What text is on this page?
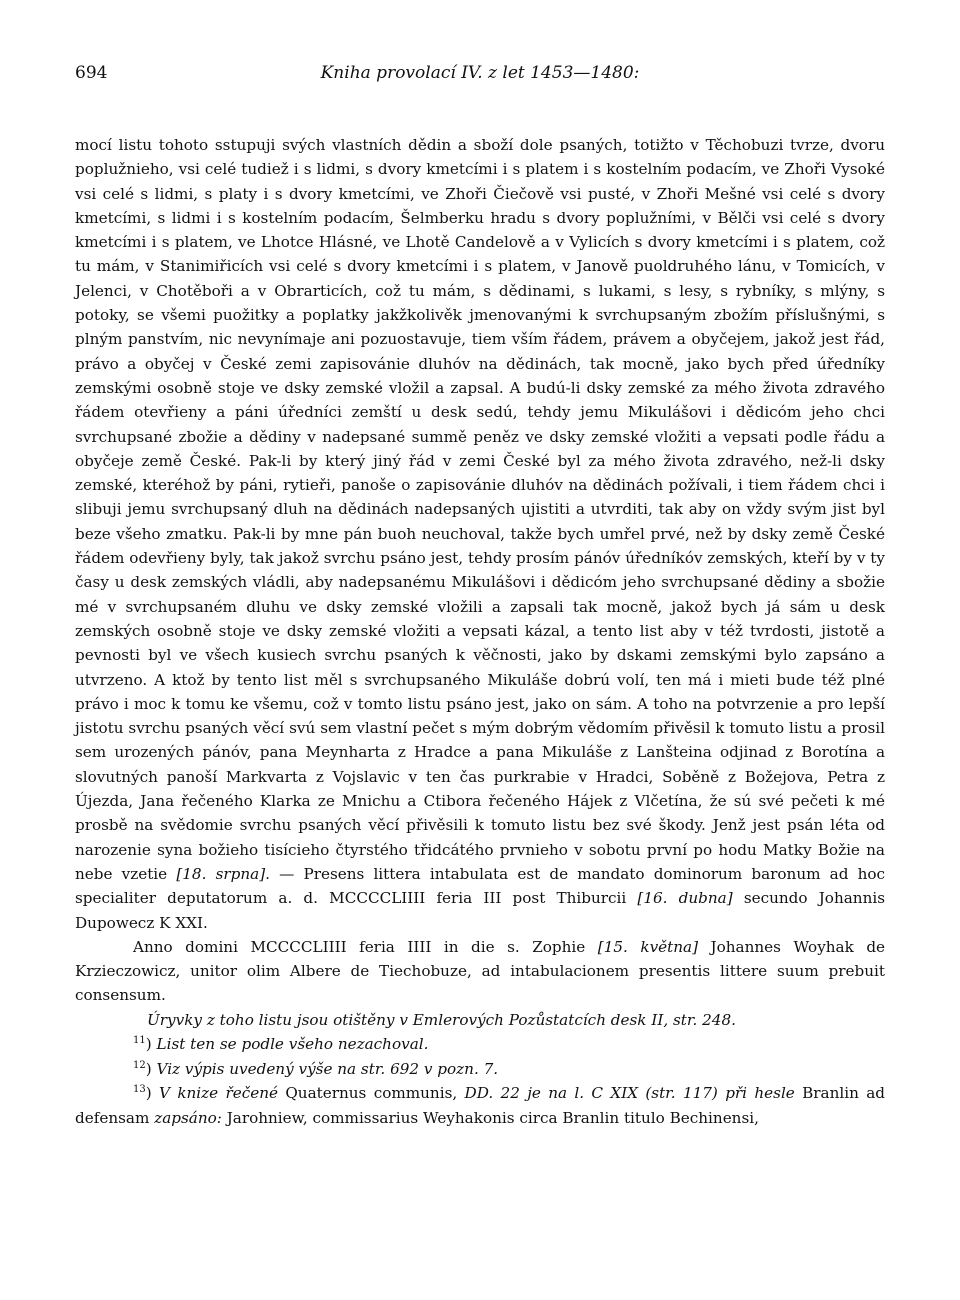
694	Kniha provolací IV. z let 1453—1480:

mocí listu tohoto sstupuji svých vlastních dědin a sboží dole psaných, totižto v Těchobuzi tvrze, dvoru poplužnieho, vsi celé tudiež i s lidmi, s dvory kmetcími i s platem i s kostelním podacím, ve Zhoři Vysoké vsi celé s lidmi, s platy i s dvory kmetcími, ve Zhoři Čiečově vsi pusté, v Zhoři Mešné vsi celé s dvory kmetcími, s lidmi i s kostelním podacím, Šelmberku hradu s dvory poplužními, v Bělči vsi celé s dvory kmetcími i s platem, ve Lhotce Hlásné, ve Lhotě Candelově a v Vylicích s dvory kmetcími i s platem, což tu mám, v Stanimiřicích vsi celé s dvory kmetcími i s platem, v Janově puoldruhého lánu, v Tomicích, v Jelenci, v Chotěboři a v Obrarticích, což tu mám, s dědinami, s lukami, s lesy, s rybníky, s mlýny, s potoky, se všemi puožitky a poplatky jakžkolivěk jmenovanými k svrchupsaným zbožím příslušnými, s plným panstvím, nic nevynímaje ani pozuostavuje, tiem vším řádem, právem a obyčejem, jakož jest řád, právo a obyčej v České zemi zapisovánie dluhóv na dědinách, tak mocně, jako bych před úředníky zemskými osobně stoje ve dsky zemské vložil a zapsal. A budú-li dsky zemské za mého života zdravého řádem otevřieny a páni úředníci zemští u desk sedú, tehdy jemu Mikulášovi i dědicóm jeho chci svrchupsané zbožie a dědiny v nadepsané summě peněz ve dsky zemské vložiti a vepsati podle řádu a obyčeje země České. Pak-li by který jiný řád v zemi České byl za mého života zdravého, než-li dsky zemské, kteréhož by páni, rytieři, panoše o zapisovánie dluhóv na dědinách požívali, i tiem řádem chci i slibuji jemu svrchupsaný dluh na dědinách nadepsaných ujistiti a utvrditi, tak aby on vždy svým jist byl beze všeho zmatku. Pak-li by mne pán buoh neuchoval, takže bych umřel prvé, než by dsky země České řádem odevřieny byly, tak jakož svrchu psáno jest, tehdy prosím pánóv úředníkóv zemských, kteří by v ty časy u desk zemských vládli, aby nadepsanému Mikulášovi i dědicóm jeho svrchupsané dědiny a sbožie mé v svrchupsaném dluhu ve dsky zemské vložili a zapsali tak mocně, jakož bych já sám u desk zemských osobně stoje ve dsky zemské vložiti a vepsati kázal, a tento list aby v též tvrdosti, jistotě a pevnosti byl ve všech kusiech svrchu psaných k věčnosti, jako by dskami zemskými bylo zapsáno a utvrzeno. A ktož by tento list měl s svrchupsaného Mikuláše dobrú volí, ten má i mieti bude též plné právo i moc k tomu ke všemu, což v tomto listu psáno jest, jako on sám. A toho na potvrzenie a pro lepší jistotu svrchu psaných věcí svú sem vlastní pečet s mým dobrým vědomím přivěsil k tomuto listu a prosil sem urozených pánóv, pana Meynharta z Hradce a pana Mikuláše z Lanšteina odjinad z Borotína a slovutných panoší Markvarta z Vojslavic v ten čas purkrabie v Hradci, Soběně z Božejova, Petra z Újezda, Jana řečeného Klarka ze Mnichu a Ctibora řečeného Hájek z Vlčetína, že sú své pečeti k mé prosbě na svědomie svrchu psaných věcí přivěsili k tomuto listu bez své škody. Jenž jest psán léta od narozenie syna božieho tisícieho čtyrstého třidcátého prvnieho v sobotu první po hodu Matky Božie na nebe vzetie [18. srpna]. — Presens littera intabulata est de mandato dominorum baronum ad hoc specialiter deputatorum a. d. MCCCCLIIII feria III post Thiburcii [16. dubna] secundo Johannis Dupowecz K XXI.

Anno domini MCCCCLIIII feria IIII in die s. Zophie [15. května] Johannes Woyhak de Krzieczowicz, unitor olim Albere de Tiechobuze, ad intabulacionem presentis littere suum prebuit consensum.

Úryvky z toho listu jsou otištěny v Emlerových Pozůstatcích desk II, str. 248.

$^{11}$) List ten se podle všeho nezachoval.

$^{12}$) Viz výpis uvedený výše na str. 692 v pozn. 7.

$^{13}$) V knize řečené Quaternus communis, DD. 22 je na l. C XIX (str. 117) při hesle Branlin ad defensam zapsáno: Jarohniew, commissarius Weyhakonis circa Branlin titulo Bechinensi,
